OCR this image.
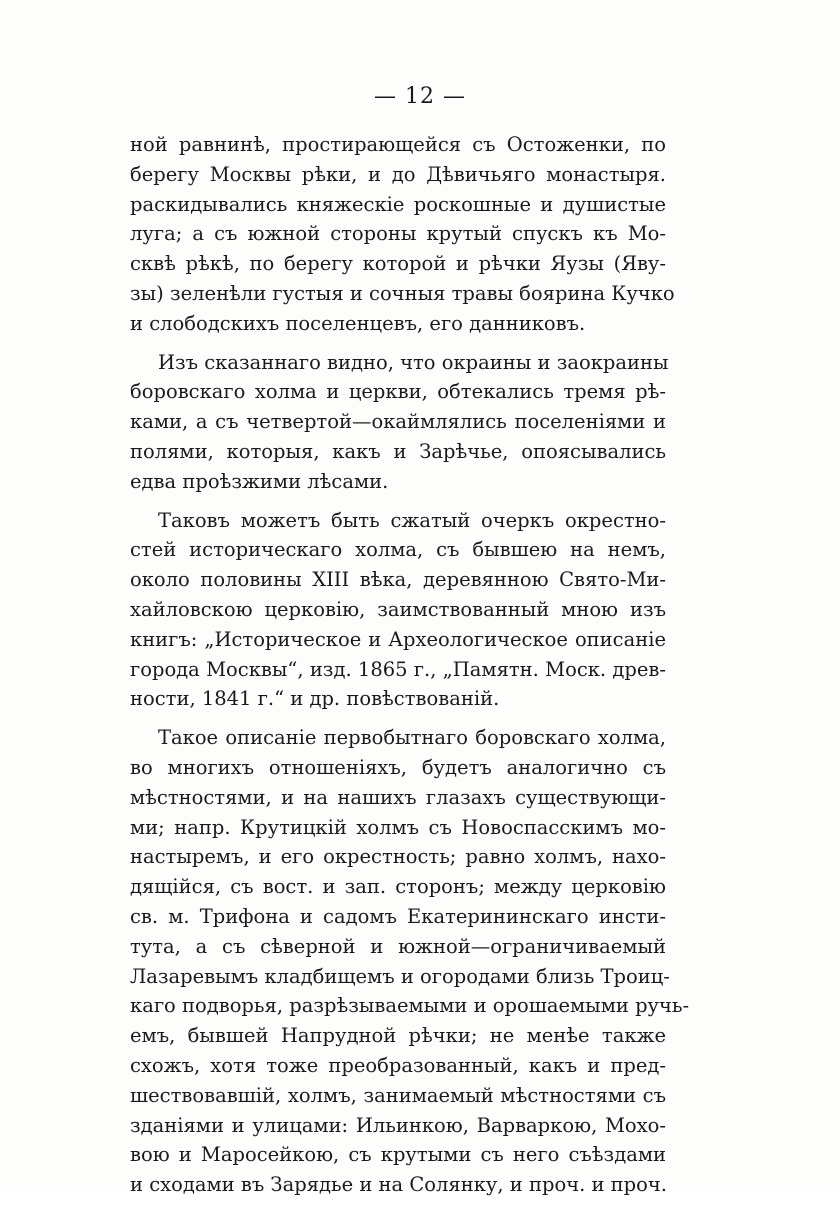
— 12 —

ной равнинѣ, простирающейся съ Остоженки, по
берегу Москвы рѣки, и до Дѣвичьяго монастыря.
раскидывались княжескіе роскошные и душистые
луга; а съ южной стороны крутый спускъ къ Мо-
сквѣ рѣкѣ, по берегу которой и рѣчки Яузы (Яву-
зы) зеленѣли густыя и сочныя травы боярина Кучко
и слободскихъ поселенцевъ, его данниковъ.

Изъ сказаннаго видно, что окраины и заокраины
боровскаго холма и церкви, обтекались тремя рѣ-
ками, а съ четвертой—окаймлялись поселеніями и
полями, которыя, какъ и Зарѣчье, опоясывались
едва проѣзжими лѣсами.

Таковъ можетъ быть сжатый очеркъ окрестно-
стей историческаго холма, съ бывшею на немъ,
около половины XIII вѣка, деревянною Свято-Ми-
хайловскою церковію, заимствованный мною изъ
книгъ: „Историческое и Археологическое описаніе
города Москвы“, изд. 1865 г., „Памятн. Моск. древ-
ности, 1841 г.“ и др. повѣствованій.

Такое описаніе первобытнаго боровскаго холма,
во многихъ отношеніяхъ, будетъ аналогично съ
мѣстностями, и на нашихъ глазахъ существующи-
ми; напр. Крутицкій холмъ съ Новоспасскимъ мо-
настыремъ, и его окрестность; равно холмъ, нахо-
дящійся, съ вост. и зап. сторонъ; между церковію
св. м. Трифона и садомъ Екатерининскаго инсти-
тута, а съ сѣверной и южной—ограничиваемый
Лазаревымъ кладбищемъ и огородами близь Троиц-
каго подворья, разрѣзываемыми и орошаемыми ручь-
емъ, бывшей Напрудной рѣчки; не менѣе также
схожъ, хотя тоже преобразованный, какъ и пред-
шествовавшій, холмъ, занимаемый мѣстностями съ
зданіями и улицами: Ильинкою, Варваркою, Мохо-
вою и Маросейкою, съ крутыми съ него съѣздами
и сходами въ Зарядье и на Солянку, и проч. и проч.
